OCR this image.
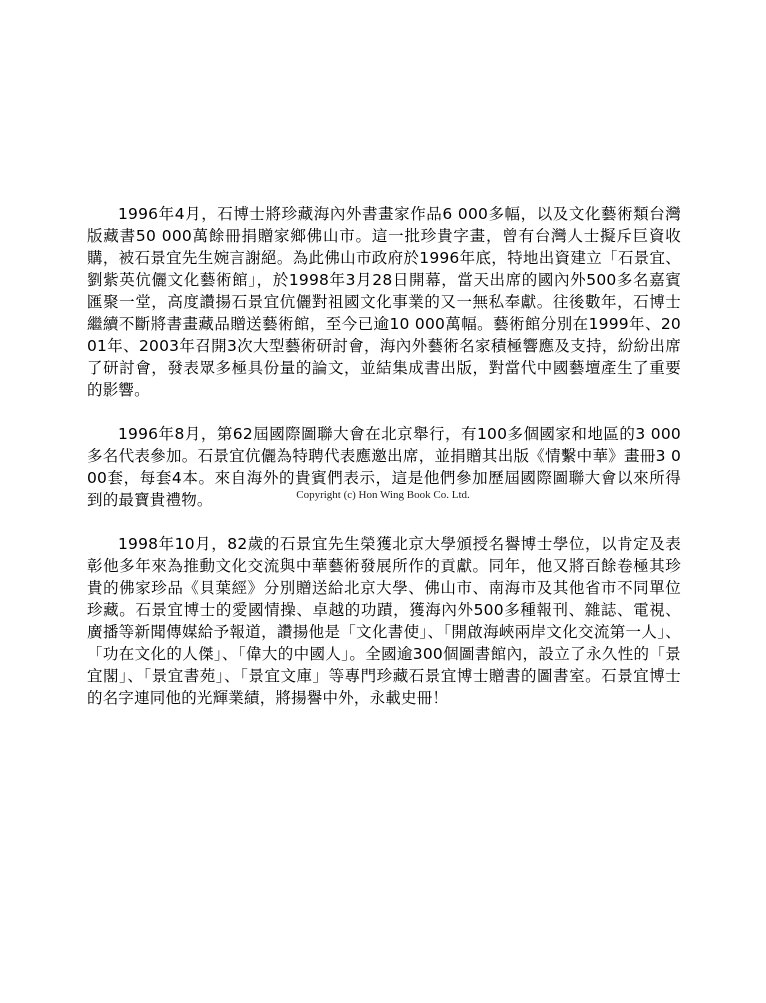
1996年4月，石博士將珍藏海內外書畫家作品6 000多幅，以及文化藝術類台灣版藏書50 000萬餘冊捐贈家鄉佛山市。這一批珍貴字畫，曾有台灣人士擬斥巨資收購，被石景宜先生婉言謝絕。為此佛山市政府於1996年底，特地出資建立「石景宜、劉紫英伉儷文化藝術館」，於1998年3月28日開幕，當天出席的國內外500多名嘉賓匯聚一堂，高度讚揚石景宜伉儷對祖國文化事業的又一無私奉獻。往後數年，石博士繼續不斷將書畫藏品贈送藝術館，至今已逾10 000萬幅。藝術館分別在1999年、2001年、2003年召開3次大型藝術研討會，海內外藝術名家積極響應及支持，紛紛出席了研討會，發表眾多極具份量的論文，並結集成書出版，對當代中國藝壇產生了重要的影響。

1996年8月，第62屆國際圖聯大會在北京舉行，有100多個國家和地區的3 000多名代表參加。石景宜伉儷為特聘代表應邀出席，並捐贈其出版《情繫中華》畫冊3 000套，每套4本。來自海外的貴賓們表示，這是他們參加歷屆國際圖聯大會以來所得到的最寶貴禮物。

1998年10月，82歲的石景宜先生榮獲北京大學頒授名譽博士學位，以肯定及表彰他多年來為推動文化交流與中華藝術發展所作的貢獻。同年，他又將百餘卷極其珍貴的佛家珍品《貝葉經》分別贈送給北京大學、佛山市、南海市及其他省市不同單位珍藏。石景宜博士的愛國情操、卓越的功蹟，獲海內外500多種報刊、雜誌、電視、廣播等新聞傳媒給予報道，讚揚他是「文化書使」、「開啟海峽兩岸文化交流第一人」、「功在文化的人傑」、「偉大的中國人」。全國逾300個圖書館內，設立了永久性的「景宜閣」、「景宜書苑」、「景宜文庫」等專門珍藏石景宜博士贈書的圖書室。石景宜博士的名字連同他的光輝業績，將揚譽中外，永載史冊！

Copyright (c) Hon Wing Book Co. Ltd.
